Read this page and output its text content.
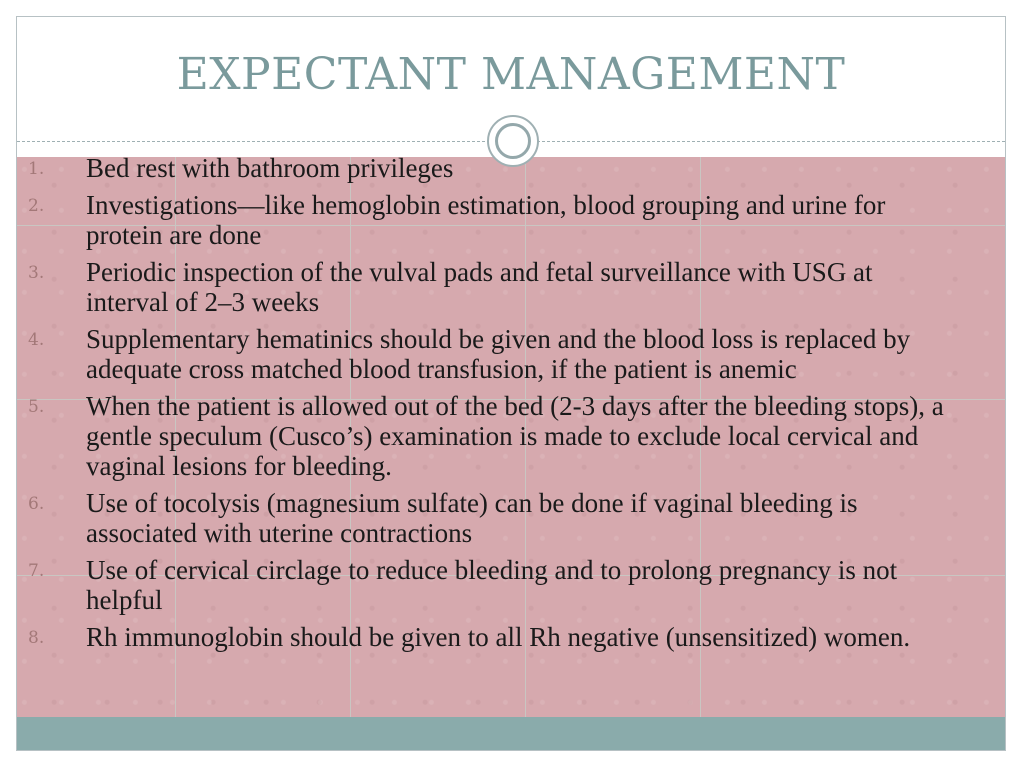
EXPECTANT MANAGEMENT
1. Bed rest with bathroom privileges
2. Investigations—like hemoglobin estimation, blood grouping and urine for protein are done
3. Periodic inspection of the vulval pads and fetal surveillance with USG at interval of 2–3 weeks
4. Supplementary hematinics should be given and the blood loss is replaced by adequate cross matched blood transfusion, if the patient is anemic
5. When the patient is allowed out of the bed (2-3 days after the bleeding stops), a gentle speculum (Cusco’s) examination is made to exclude local cervical and vaginal lesions for bleeding.
6. Use of tocolysis (magnesium sulfate) can be done if vaginal bleeding is associated with uterine contractions
7. Use of cervical circlage to reduce bleeding and to prolong pregnancy is not helpful
8. Rh immunoglobin should be given to all Rh negative (unsensitized) women.
